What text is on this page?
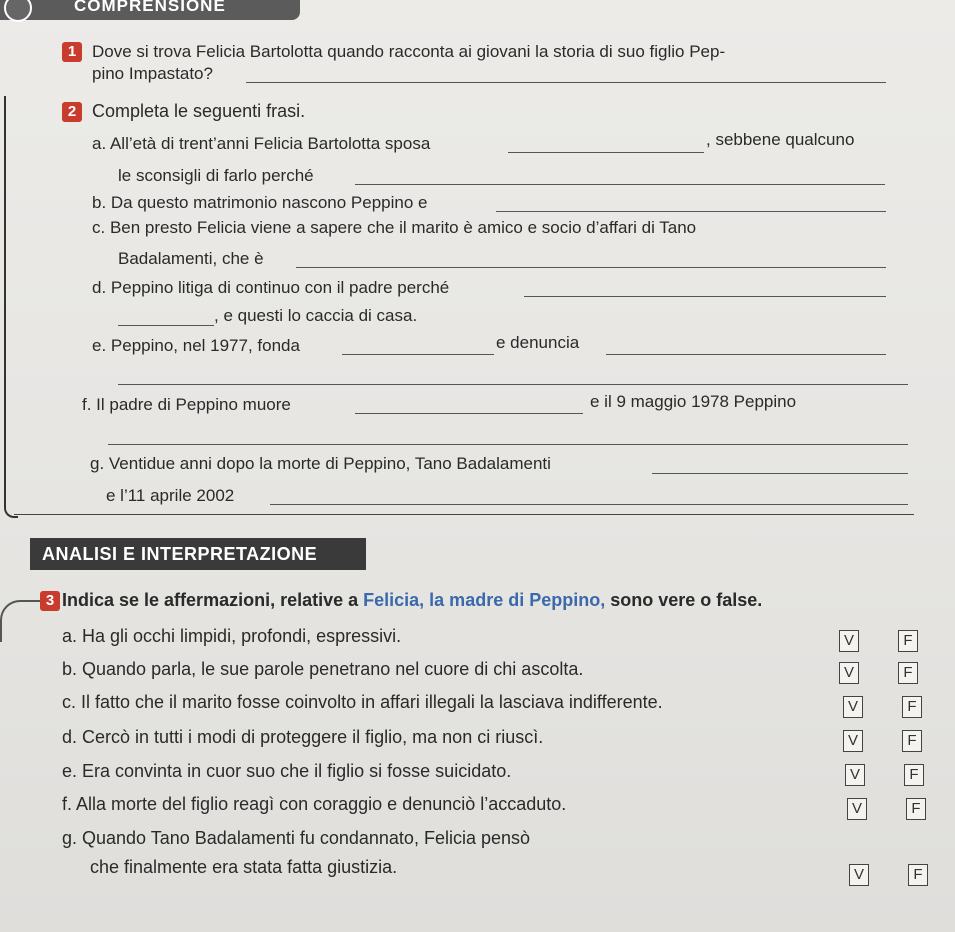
COMPRENSIONE
1 Dove si trova Felicia Bartolotta quando racconta ai giovani la storia di suo figlio Pep-
pino Impastato?
2 Completa le seguenti frasi.
a. All’età di trent’anni Felicia Bartolotta sposa	, sebbene qualcuno
le sconsigli di farlo perché
b. Da questo matrimonio nascono Peppino e
c. Ben presto Felicia viene a sapere che il marito è amico e socio d’affari di Tano
Badalamenti, che è
d. Peppino litiga di continuo con il padre perché
, e questi lo caccia di casa.
e. Peppino, nel 1977, fonda	e denuncia
f. Il padre di Peppino muore	e il 9 maggio 1978 Peppino
g. Ventidue anni dopo la morte di Peppino, Tano Badalamenti
e l’11 aprile 2002
ANALISI E INTERPRETAZIONE
3 Indica se le affermazioni, relative a Felicia, la madre di Peppino, sono vere o false.
a. Ha gli occhi limpidi, profondi, espressivi.	V	F
b. Quando parla, le sue parole penetrano nel cuore di chi ascolta.	V	F
c. Il fatto che il marito fosse coinvolto in affari illegali la lasciava indifferente.	V	F
d. Cercò in tutti i modi di proteggere il figlio, ma non ci riuscì.	V	F
e. Era convinta in cuor suo che il figlio si fosse suicidato.	V	F
f. Alla morte del figlio reagì con coraggio e denunciò l’accaduto.	V	F
g. Quando Tano Badalamenti fu condannato, Felicia pensò
che finalmente era stata fatta giustizia.	V	F
